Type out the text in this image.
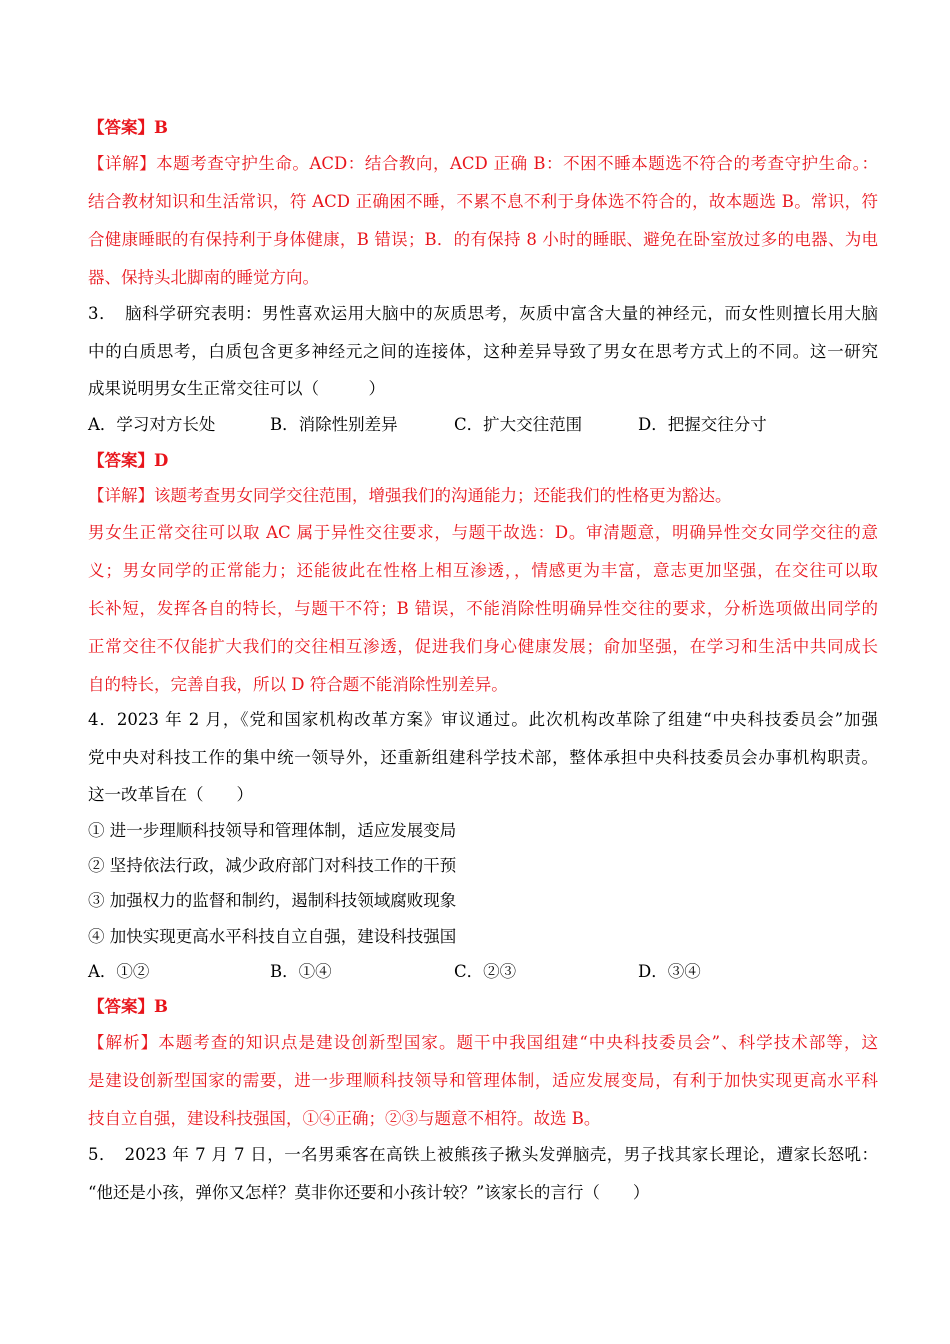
【答案】B
【详解】本题考查守护生命。ACD：结合教向，ACD 正确 B：不困不睡本题选不符合的考查守护生命。：
结合教材知识和生活常识，符 ACD 正确困不睡，不累不息不利于身体选不符合的，故本题选 B。常识，符
合健康睡眠的有保持利于身体健康，B 错误；B．的有保持 8 小时的睡眠、避免在卧室放过多的电器、为电
器、保持头北脚南的睡觉方向。
3．　脑科学研究表明：男性喜欢运用大脑中的灰质思考，灰质中富含大量的神经元，而女性则擅长用大脑
中的白质思考，白质包含更多神经元之间的连接体，这种差异导致了男女在思考方式上的不同。这一研究
成果说明男女生正常交往可以（　　　）
A．学习对方长处	B．消除性别差异	C．扩大交往范围	D．把握交往分寸
【答案】D
【详解】该题考查男女同学交往范围，增强我们的沟通能力；还能我们的性格更为豁达。
男女生正常交往可以取 AC 属于异性交往要求，与题干故选：D。审清题意，明确异性交女同学交往的意
义；男女同学的正常能力；还能彼此在性格上相互渗透，，情感更为丰富，意志更加坚强，在交往可以取
长补短，发挥各自的特长，与题干不符；B 错误，不能消除性明确异性交往的要求，分析选项做出同学的
正常交往不仅能扩大我们的交往相互渗透，促进我们身心健康发展；俞加坚强，在学习和生活中共同成长
自的特长，完善自我，所以 D 符合题不能消除性别差异。
4．2023 年 2 月，《党和国家机构改革方案》审议通过。此次机构改革除了组建“中央科技委员会”加强
党中央对科技工作的集中统一领导外，还重新组建科学技术部，整体承担中央科技委员会办事机构职责。
这一改革旨在（　　）
① 进一步理顺科技领导和管理体制，适应发展变局
② 坚持依法行政，减少政府部门对科技工作的干预
③ 加强权力的监督和制约，遏制科技领域腐败现象
④ 加快实现更高水平科技自立自强，建设科技强国
A．①②	B．①④	C．②③	D．③④
【答案】B
【解析】本题考查的知识点是建设创新型国家。题干中我国组建“中央科技委员会”、科学技术部等，这
是建设创新型国家的需要，进一步理顺科技领导和管理体制，适应发展变局，有利于加快实现更高水平科
技自立自强，建设科技强国，①④正确；②③与题意不相符。故选 B。
5．　2023 年 7 月 7 日，一名男乘客在高铁上被熊孩子揪头发弹脑壳，男子找其家长理论，遭家长怒吼：
“他还是小孩，弹你又怎样？莫非你还要和小孩计较？”该家长的言行（　　）
